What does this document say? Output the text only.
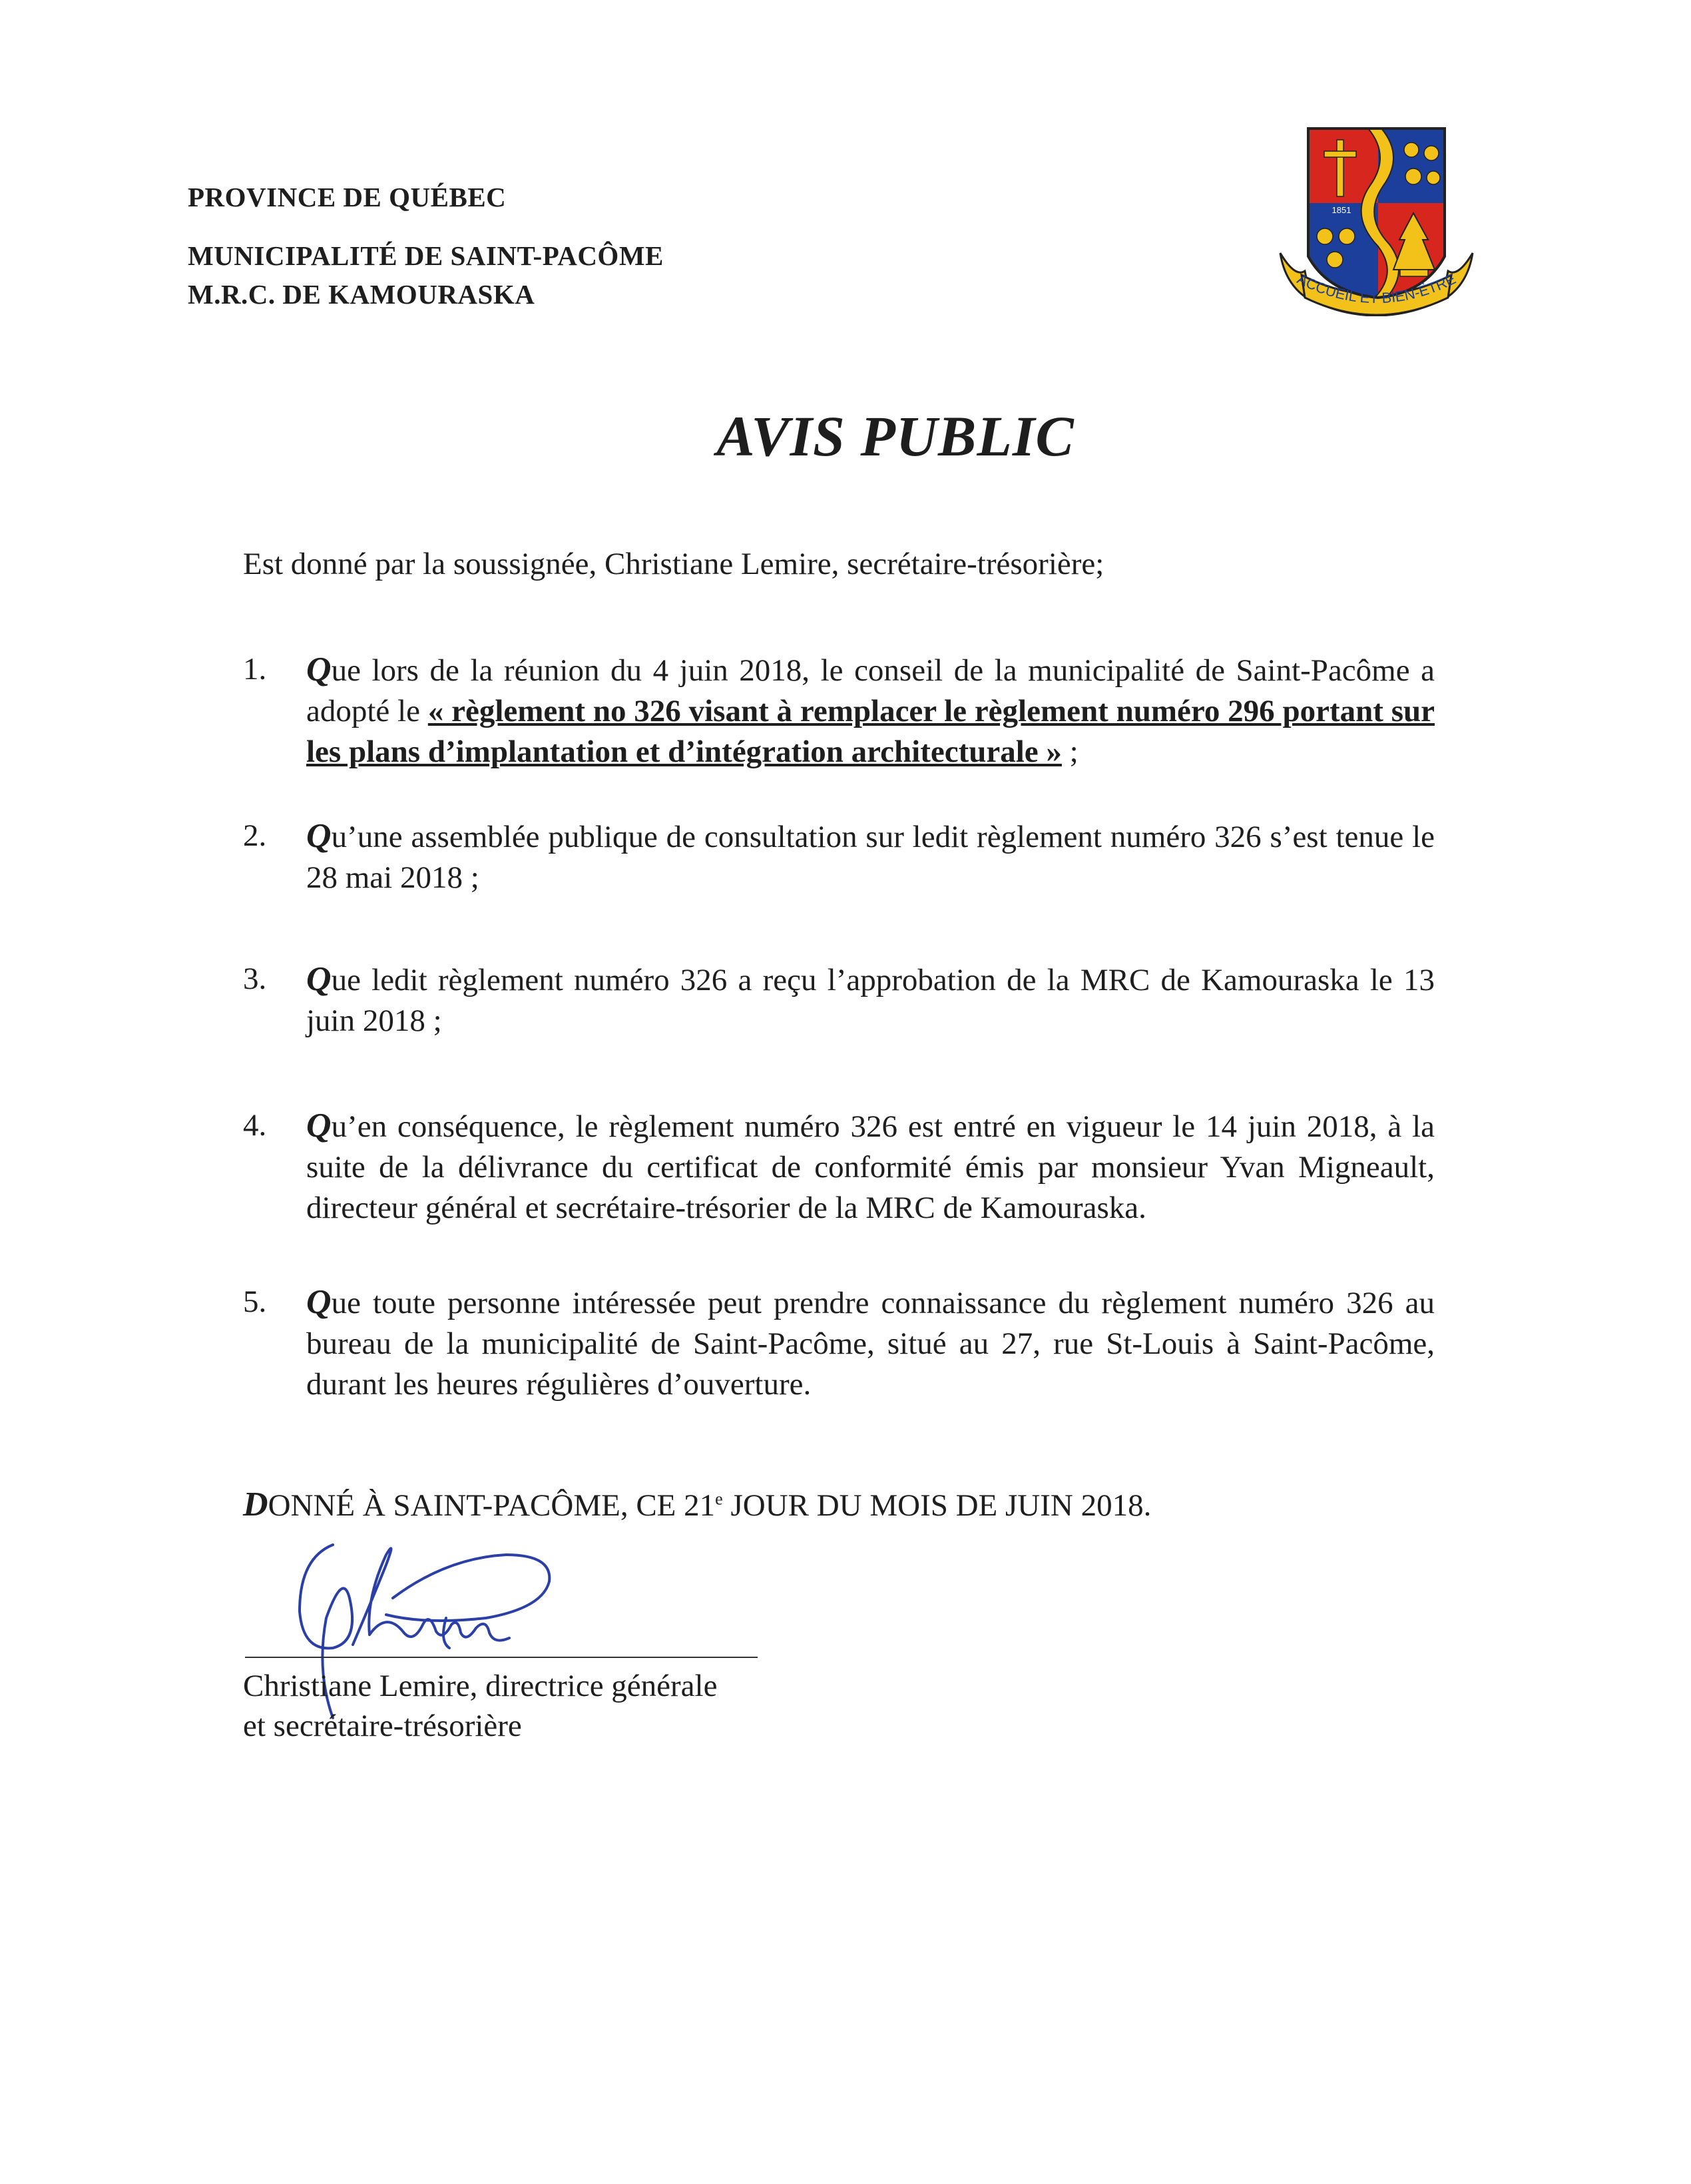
PROVINCE DE QUÉBEC
MUNICIPALITÉ DE SAINT-PACÔME
M.R.C. DE KAMOURASKA
1851
ACCUEIL ET BIEN-ÊTRE
AVIS PUBLIC
Est donné par la soussignée, Christiane Lemire, secrétaire-trésorière;
1.	Que lors de la réunion du 4 juin 2018, le conseil de la municipalité de Saint-Pacôme a adopté le « règlement no 326 visant à remplacer le règlement numéro 296 portant sur les plans d’implantation et d’intégration architecturale » ;
2.	Qu’une assemblée publique de consultation sur ledit règlement numéro 326 s’est tenue le 28 mai 2018 ;
3.	Que ledit règlement numéro 326 a reçu l’approbation de la MRC de Kamouraska le 13 juin 2018 ;
4.	Qu’en conséquence, le règlement numéro 326 est entré en vigueur le 14 juin 2018, à la suite de la délivrance du certificat de conformité émis par monsieur Yvan Migneault, directeur général et secrétaire-trésorier de la MRC de Kamouraska.
5.	Que toute personne intéressée peut prendre connaissance du règlement numéro 326 au bureau de la municipalité de Saint-Pacôme, situé au 27, rue St-Louis à Saint-Pacôme, durant les heures régulières d’ouverture.
DONNÉ À SAINT-PACÔME, CE 21e JOUR DU MOIS DE JUIN 2018.
Christiane Lemire, directrice générale
et secrétaire-trésorière
